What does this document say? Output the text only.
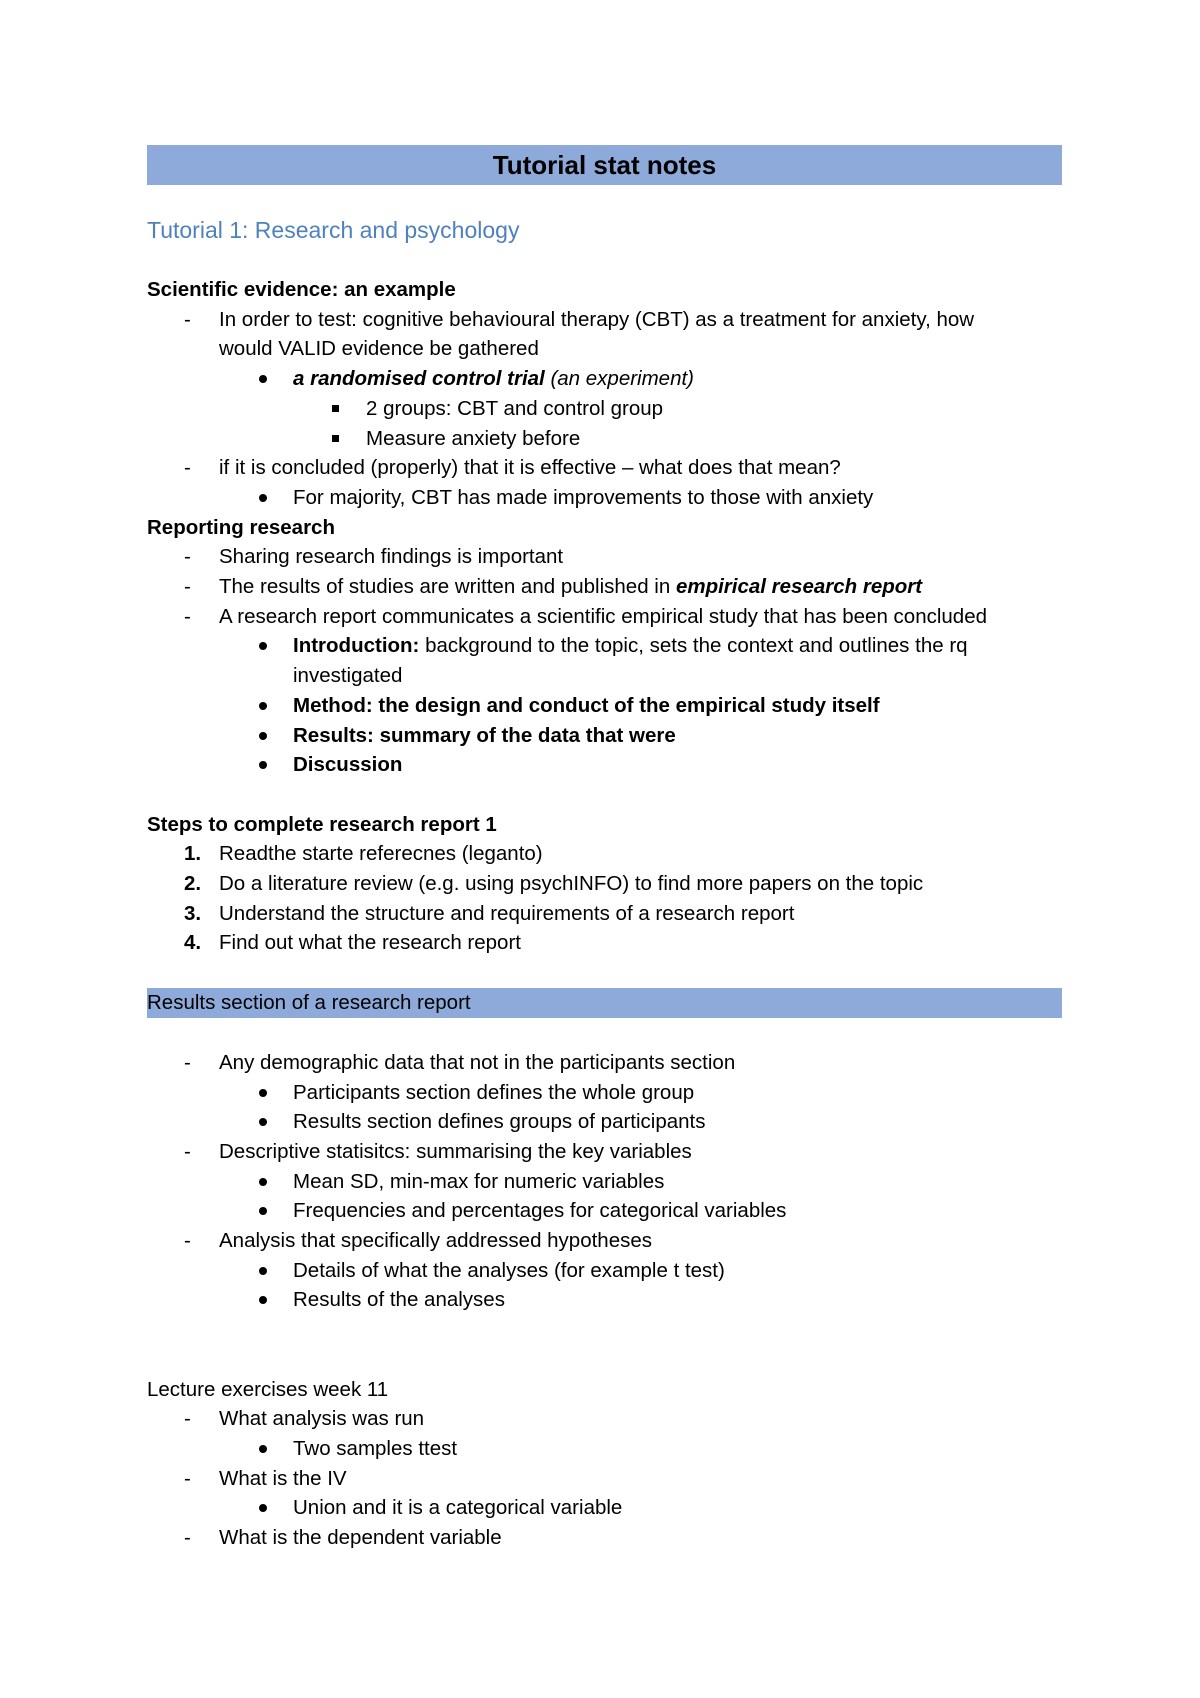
Tutorial stat notes
Tutorial 1: Research and psychology
Scientific evidence: an example
- In order to test: cognitive behavioural therapy (CBT) as a treatment for anxiety, how
would VALID evidence be gathered
a randomised control trial (an experiment)
2 groups: CBT and control group
Measure anxiety before
- if it is concluded (properly) that it is effective – what does that mean?
For majority, CBT has made improvements to those with anxiety
Reporting research
- Sharing research findings is important
- The results of studies are written and published in empirical research report
- A research report communicates a scientific empirical study that has been concluded
Introduction: background to the topic, sets the context and outlines the rq
investigated
Method: the design and conduct of the empirical study itself
Results: summary of the data that were
Discussion
Steps to complete research report 1
1. Readthe starte referecnes (leganto)
2. Do a literature review (e.g. using psychINFO) to find more papers on the topic
3. Understand the structure and requirements of a research report
4. Find out what the research report
Results section of a research report
- Any demographic data that not in the participants section
Participants section defines the whole group
Results section defines groups of participants
- Descriptive statisitcs: summarising the key variables
Mean SD, min-max for numeric variables
Frequencies and percentages for categorical variables
- Analysis that specifically addressed hypotheses
Details of what the analyses (for example t test)
Results of the analyses
Lecture exercises week 11
- What analysis was run
Two samples ttest
- What is the IV
Union and it is a categorical variable
- What is the dependent variable
